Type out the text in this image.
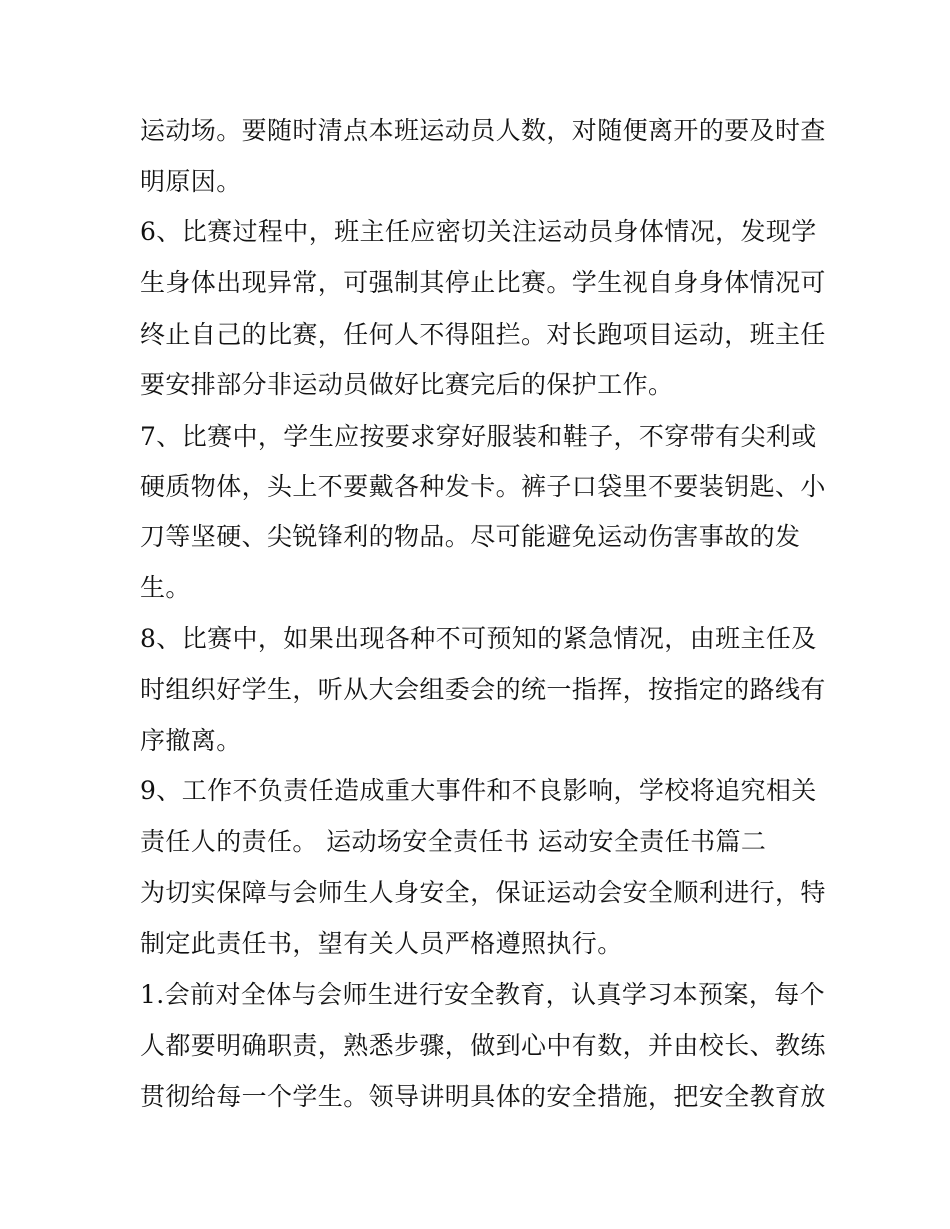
运动场。要随时清点本班运动员人数，对随便离开的要及时查
明原因。
6、比赛过程中，班主任应密切关注运动员身体情况，发现学
生身体出现异常，可强制其停止比赛。学生视自身身体情况可
终止自己的比赛，任何人不得阻拦。对长跑项目运动，班主任
要安排部分非运动员做好比赛完后的保护工作。
7、比赛中，学生应按要求穿好服装和鞋子，不穿带有尖利或
硬质物体，头上不要戴各种发卡。裤子口袋里不要装钥匙、小
刀等坚硬、尖锐锋利的物品。尽可能避免运动伤害事故的发
生。
8、比赛中，如果出现各种不可预知的紧急情况，由班主任及
时组织好学生，听从大会组委会的统一指挥，按指定的路线有
序撤离。
9、工作不负责任造成重大事件和不良影响，学校将追究相关
责任人的责任。 运动场安全责任书 运动安全责任书篇二
为切实保障与会师生人身安全，保证运动会安全顺利进行，特
制定此责任书，望有关人员严格遵照执行。
1.会前对全体与会师生进行安全教育，认真学习本预案，每个
人都要明确职责，熟悉步骤，做到心中有数，并由校长、教练
贯彻给每一个学生。领导讲明具体的安全措施，把安全教育放
